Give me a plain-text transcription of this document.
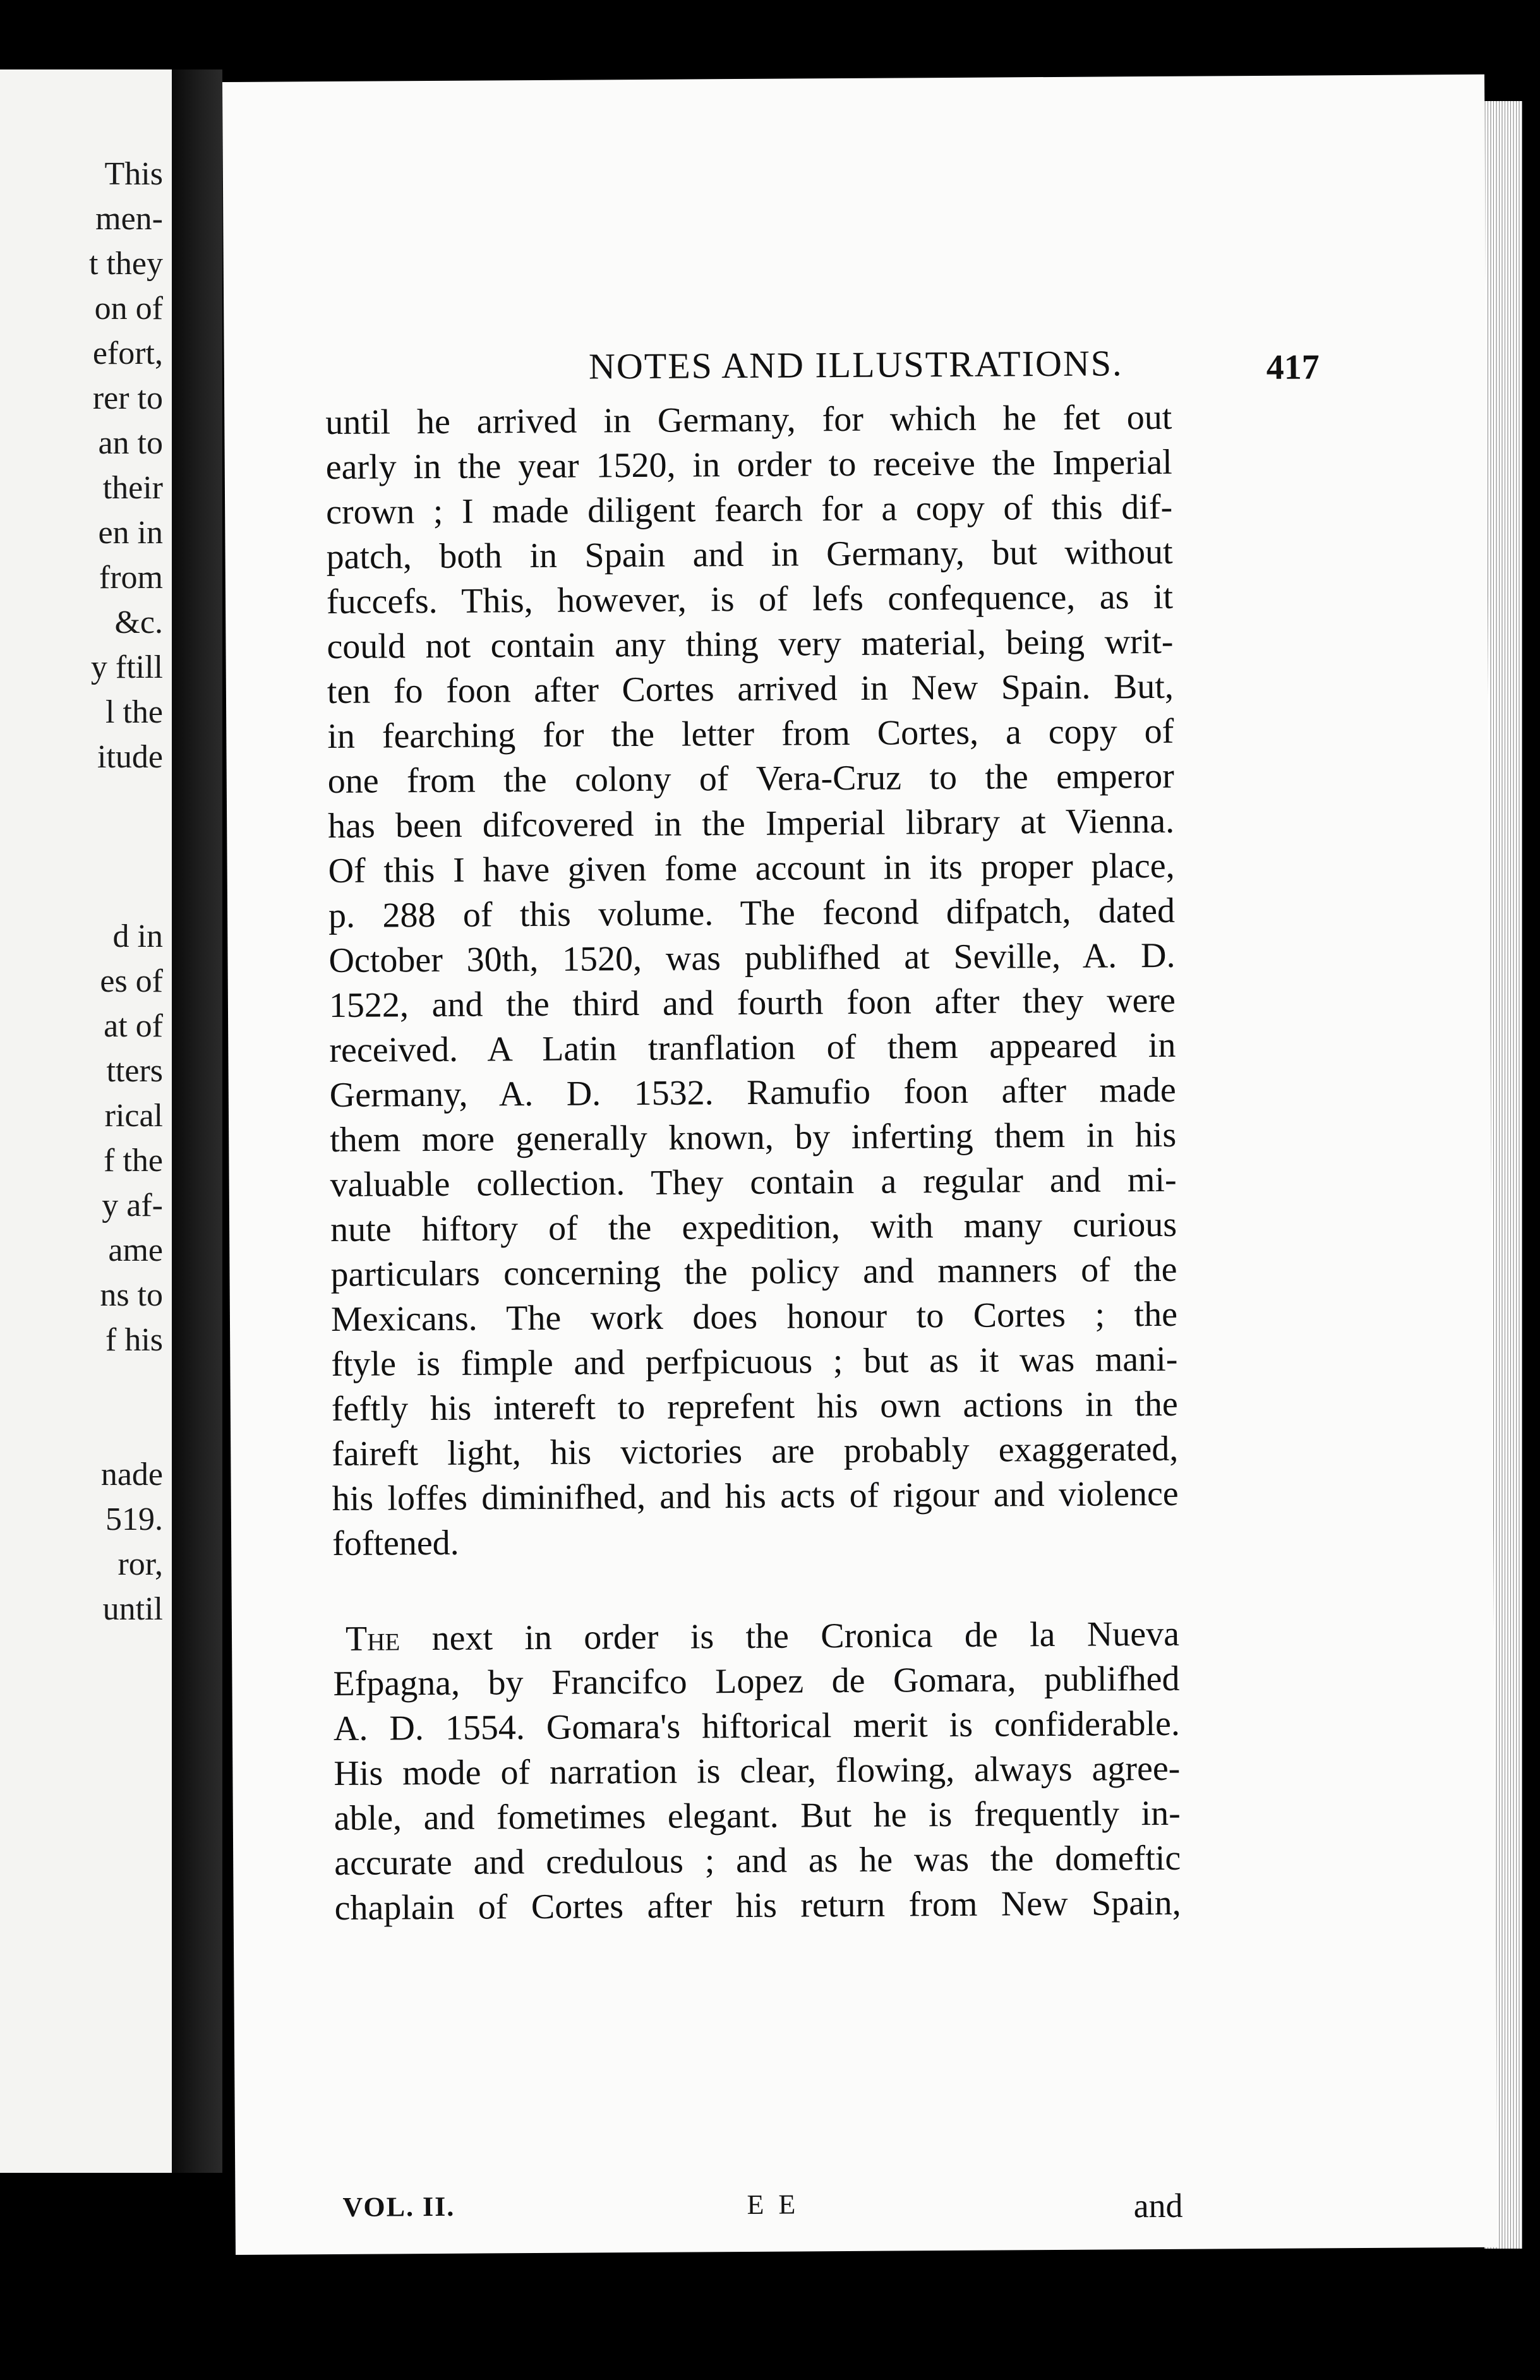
This
men-
t they
on of
efort,
rer to
an to
their
en in
from
&c.
y ftill
l the
itude
d in
es of
at of
tters
rical
f the
y af-
ame
ns to
f his
nade
519.
ror,
until
NOTES AND ILLUSTRATIONS.	417
until he arrived in Germany, for which he fet out
early in the year 1520, in order to receive the Imperial
crown ; I made diligent fearch for a copy of this dif-
patch, both in Spain and in Germany, but without
fuccefs. This, however, is of lefs confequence, as it
could not contain any thing very material, being writ-
ten fo foon after Cortes arrived in New Spain. But,
in fearching for the letter from Cortes, a copy of
one from the colony of Vera-Cruz to the emperor
has been difcovered in the Imperial library at Vienna.
Of this I have given fome account in its proper place,
p. 288 of this volume. The fecond difpatch, dated
October 30th, 1520, was publifhed at Seville, A. D.
1522, and the third and fourth foon after they were
received. A Latin tranflation of them appeared in
Germany, A. D. 1532. Ramufio foon after made
them more generally known, by inferting them in his
valuable collection. They contain a regular and mi-
nute hiftory of the expedition, with many curious
particulars concerning the policy and manners of the
Mexicans. The work does honour to Cortes ; the
ftyle is fimple and perfpicuous ; but as it was mani-
feftly his intereft to reprefent his own actions in the
faireft light, his victories are probably exaggerated,
his loffes diminifhed, and his acts of rigour and violence
foftened.
The next in order is the Cronica de la Nueva
Efpagna, by Francifco Lopez de Gomara, publifhed
A. D. 1554. Gomara's hiftorical merit is confiderable.
His mode of narration is clear, flowing, always agree-
able, and fometimes elegant. But he is frequently in-
accurate and credulous ; and as he was the domeftic
chaplain of Cortes after his return from New Spain,
VOL. II.	E E	and
